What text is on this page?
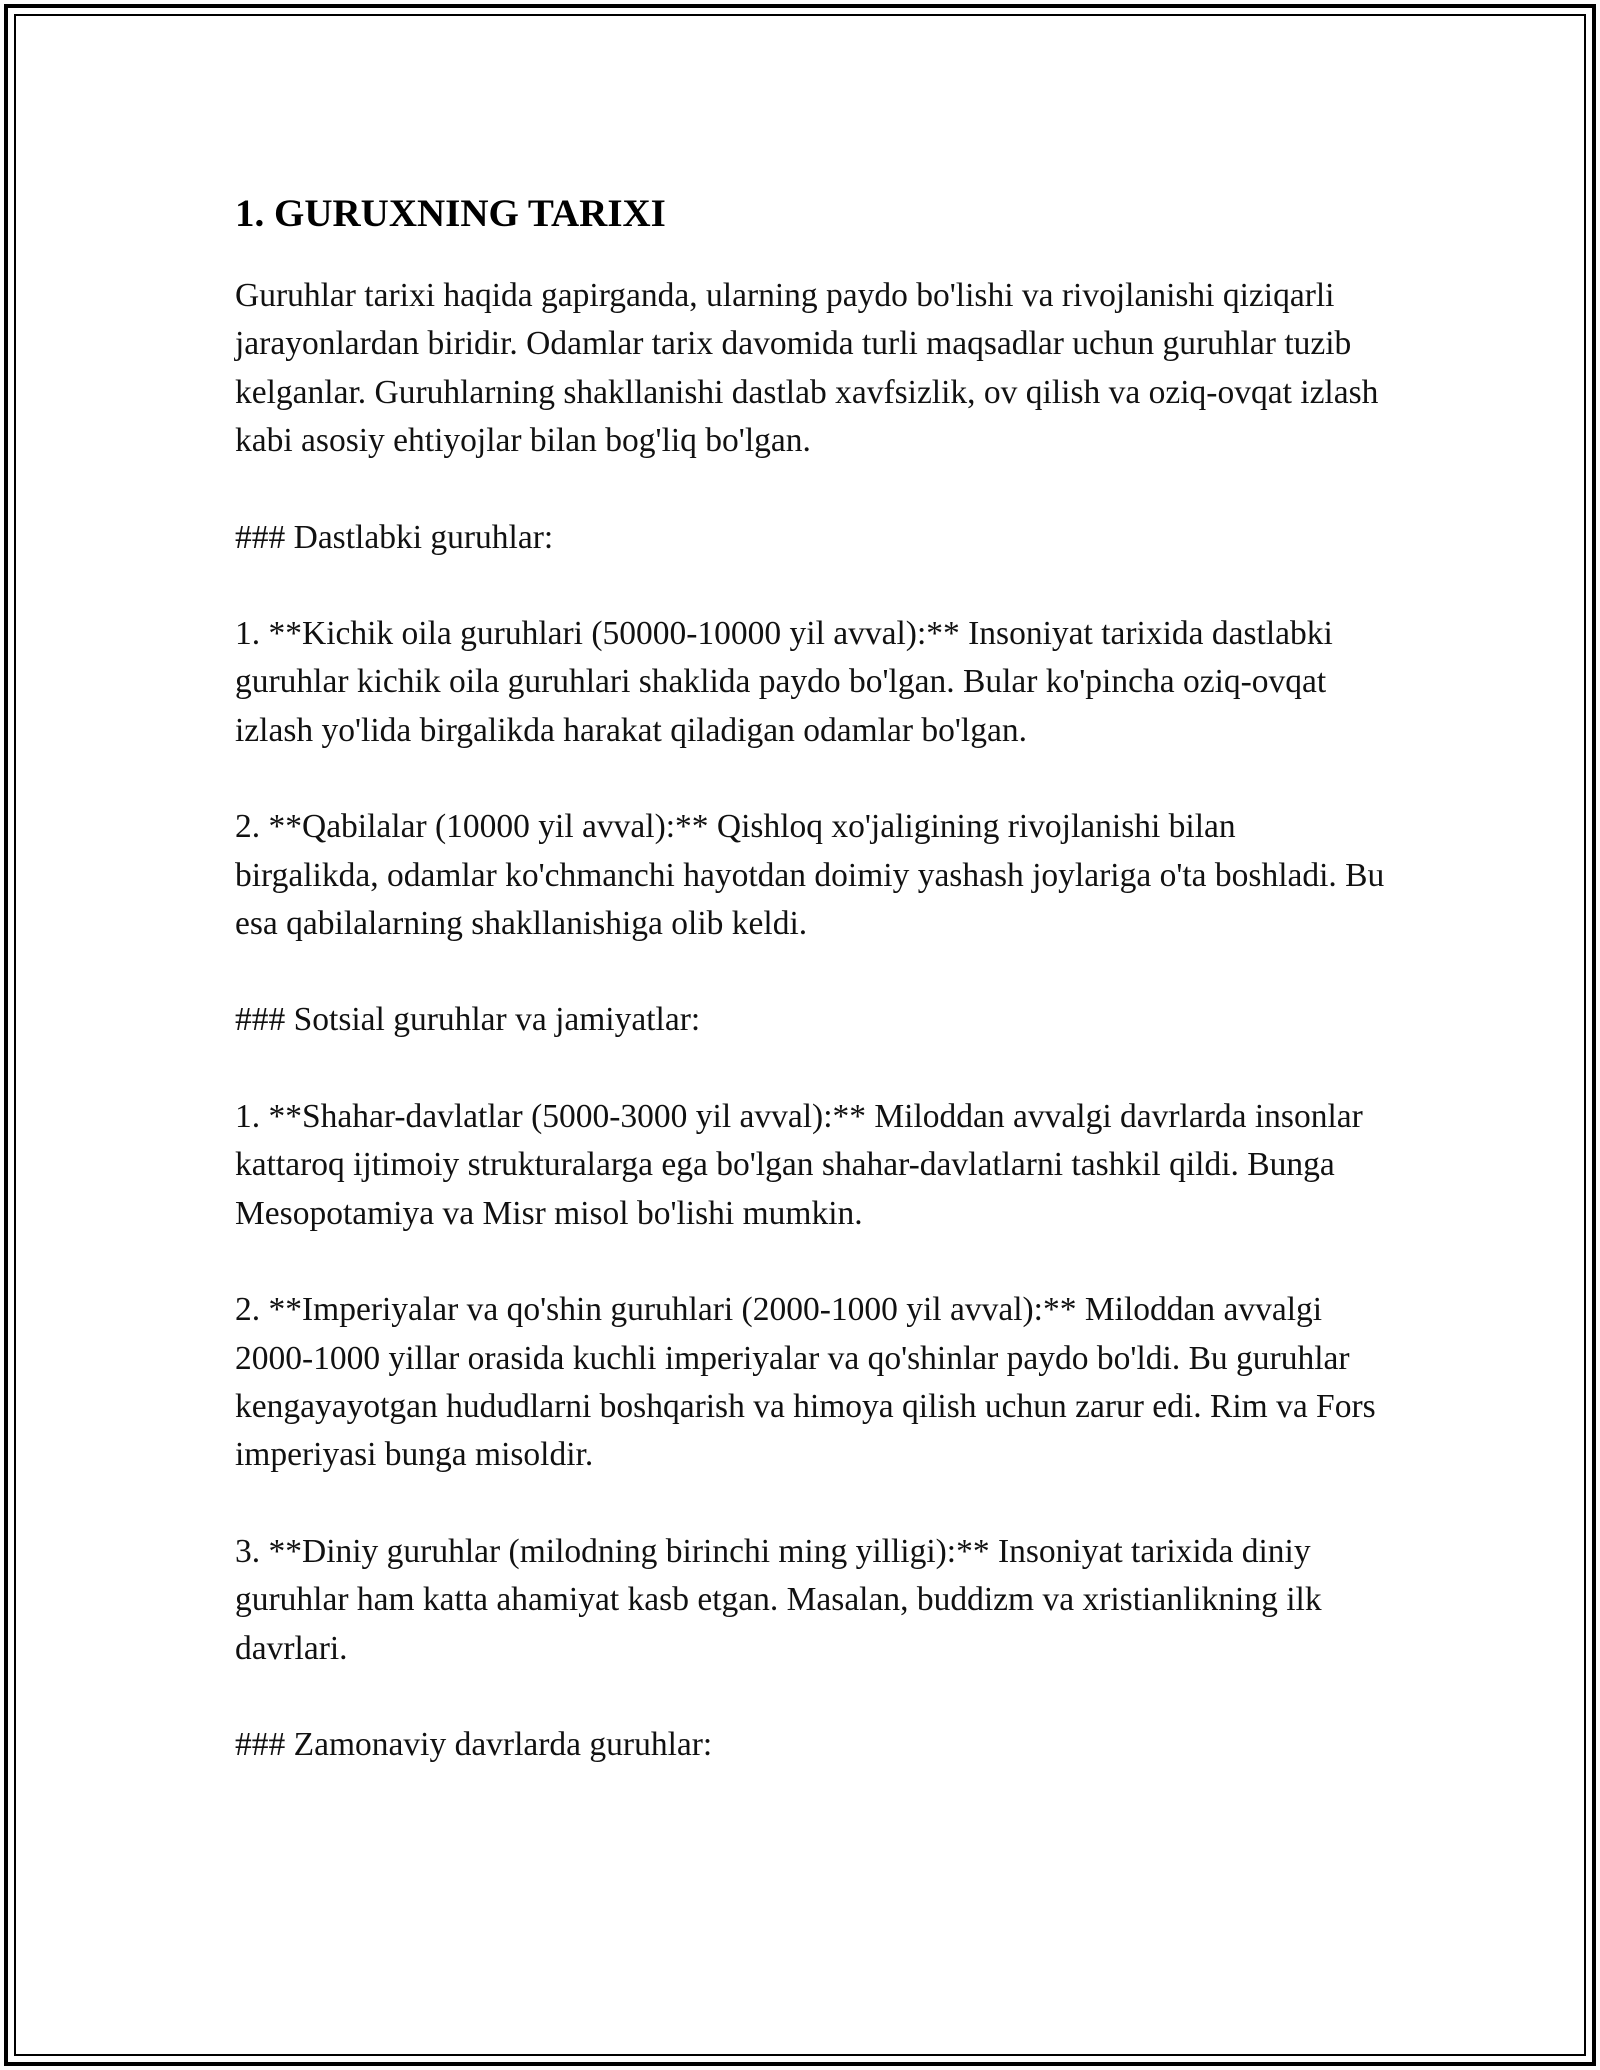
1. GURUXNING TARIXI

Guruhlar tarixi haqida gapirganda, ularning paydo bo'lishi va rivojlanishi qiziqarli jarayonlardan biridir. Odamlar tarix davomida turli maqsadlar uchun guruhlar tuzib kelganlar. Guruhlarning shakllanishi dastlab xavfsizlik, ov qilish va oziq-ovqat izlash kabi asosiy ehtiyojlar bilan bog'liq bo'lgan.

### Dastlabki guruhlar:

1. **Kichik oila guruhlari (50000-10000 yil avval):** Insoniyat tarixida dastlabki guruhlar kichik oila guruhlari shaklida paydo bo'lgan. Bular ko'pincha oziq-ovqat izlash yo'lida birgalikda harakat qiladigan odamlar bo'lgan.

2. **Qabilalar (10000 yil avval):** Qishloq xo'jaligining rivojlanishi bilan birgalikda, odamlar ko'chmanchi hayotdan doimiy yashash joylariga o'ta boshladi. Bu esa qabilalarning shakllanishiga olib keldi.

### Sotsial guruhlar va jamiyatlar:

1. **Shahar-davlatlar (5000-3000 yil avval):** Miloddan avvalgi davrlarda insonlar kattaroq ijtimoiy strukturalarga ega bo'lgan shahar-davlatlarni tashkil qildi. Bunga Mesopotamiya va Misr misol bo'lishi mumkin.

2. **Imperiyalar va qo'shin guruhlari (2000-1000 yil avval):** Miloddan avvalgi 2000-1000 yillar orasida kuchli imperiyalar va qo'shinlar paydo bo'ldi. Bu guruhlar kengayayotgan hududlarni boshqarish va himoya qilish uchun zarur edi. Rim va Fors imperiyasi bunga misoldir.

3. **Diniy guruhlar (milodning birinchi ming yilligi):** Insoniyat tarixida diniy guruhlar ham katta ahamiyat kasb etgan. Masalan, buddizm va xristianlikning ilk davrlari.

### Zamonaviy davrlarda guruhlar:
